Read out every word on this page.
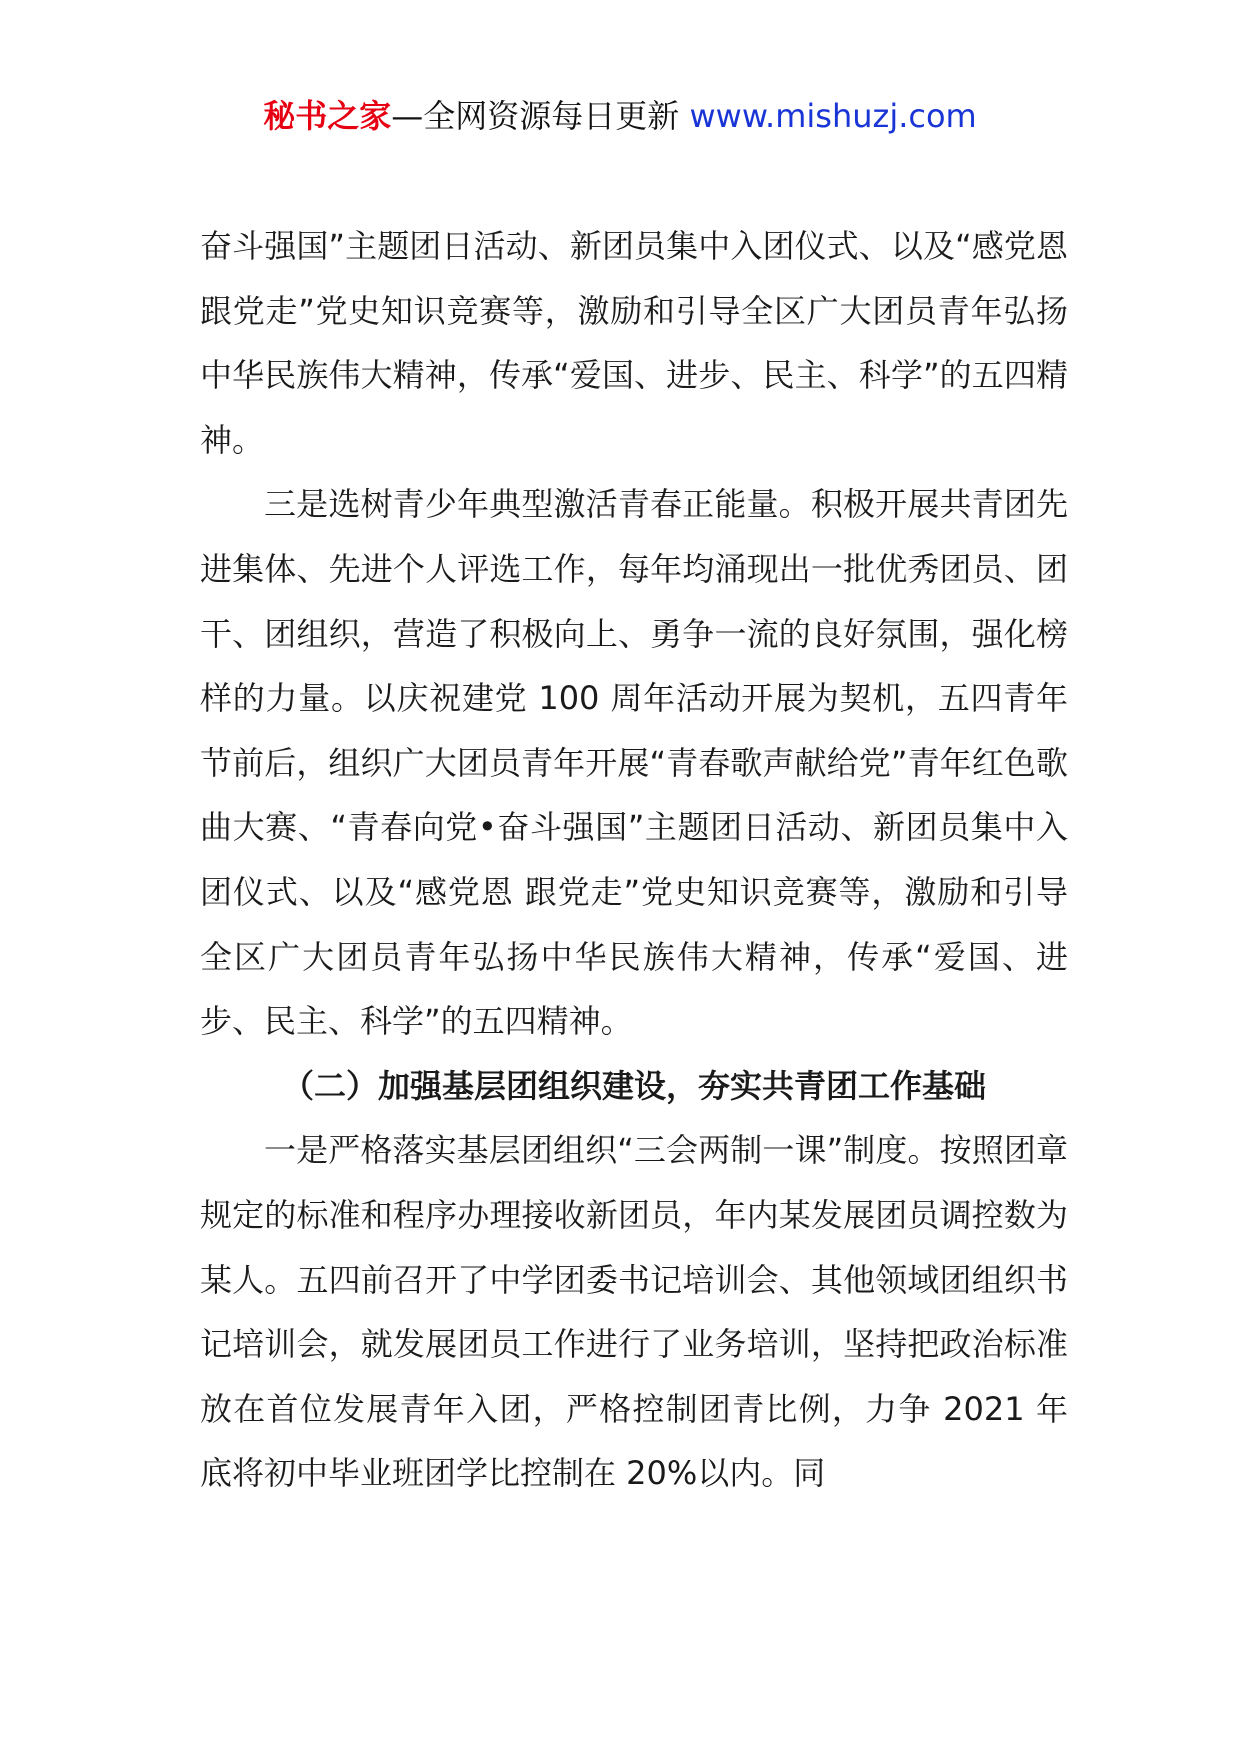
秘书之家—全网资源每日更新 www.mishuzj.com

奋斗强国”主题团日活动、新团员集中入团仪式、以及“感党恩 跟党走”党史知识竞赛等，激励和引导全区广大团员青年弘扬中华民族伟大精神，传承“爱国、进步、民主、科学”的五四精神。

三是选树青少年典型激活青春正能量。积极开展共青团先进集体、先进个人评选工作，每年均涌现出一批优秀团员、团干、团组织，营造了积极向上、勇争一流的良好氛围，强化榜样的力量。以庆祝建党 100 周年活动开展为契机，五四青年节前后，组织广大团员青年开展“青春歌声献给党”青年红色歌曲大赛、“青春向党•奋斗强国”主题团日活动、新团员集中入团仪式、以及“感党恩 跟党走”党史知识竞赛等，激励和引导全区广大团员青年弘扬中华民族伟大精神，传承“爱国、进步、民主、科学”的五四精神。

（二）加强基层团组织建设，夯实共青团工作基础

一是严格落实基层团组织“三会两制一课”制度。按照团章规定的标准和程序办理接收新团员，年内某发展团员调控数为某人。五四前召开了中学团委书记培训会、其他领域团组织书记培训会，就发展团员工作进行了业务培训，坚持把政治标准放在首位发展青年入团，严格控制团青比例，力争 2021 年底将初中毕业班团学比控制在 20%以内。同
